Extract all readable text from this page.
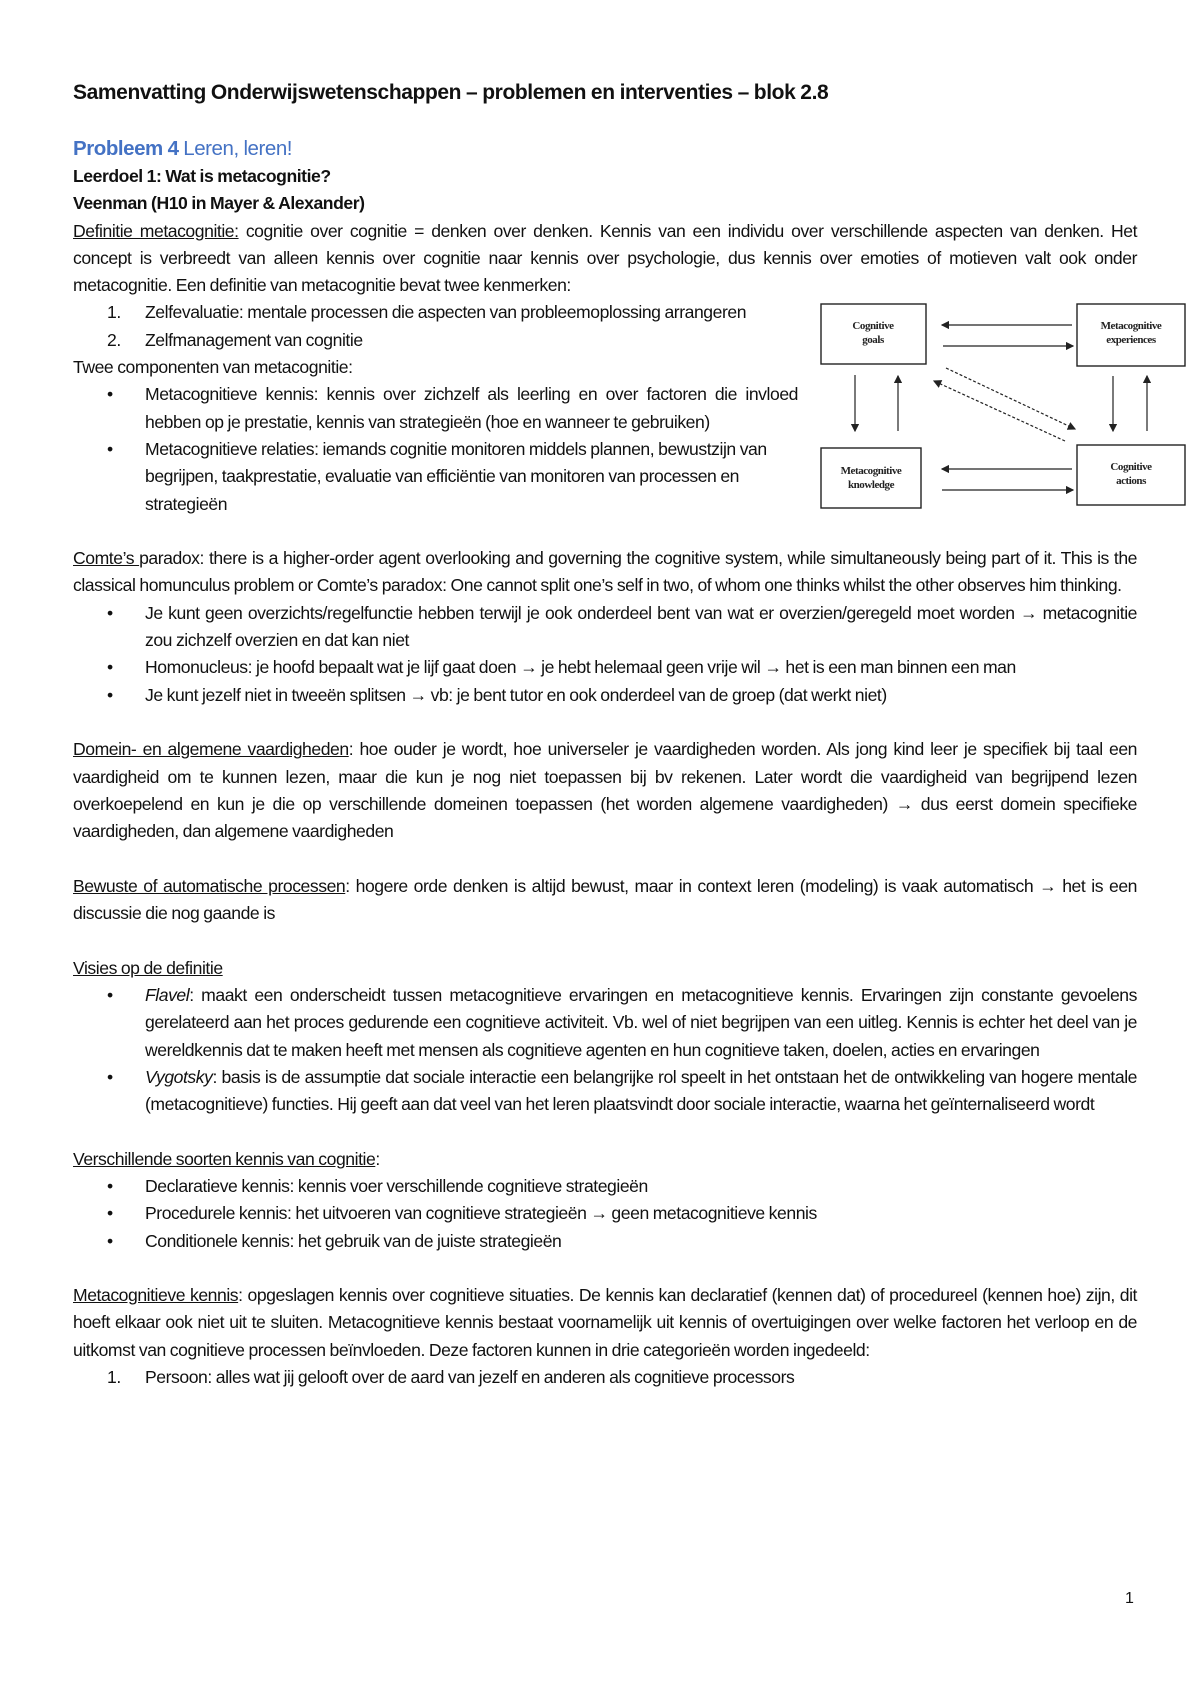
Samenvatting Onderwijswetenschappen – problemen en interventies – blok 2.8
Probleem 4 Leren, leren!
Leerdoel 1: Wat is metacognitie?
Veenman (H10 in Mayer & Alexander)

Definitie metacognitie: cognitie over cognitie = denken over denken. Kennis van een individu over verschillende aspecten van denken. Het concept is verbreedt van alleen kennis over cognitie naar kennis over psychologie, dus kennis over emoties of motieven valt ook onder metacognitie. Een definitie van metacognitie bevat twee kenmerken:

Cognitive
goals
Metacognitive
experiences
Metacognitive
knowledge
Cognitive
actions
1. Zelfevaluatie: mentale processen die aspecten van probleemoplossing arrangeren
2. Zelfmanagement van cognitie
Twee componenten van metacognitie:
• Metacognitieve kennis: kennis over zichzelf als leerling en over factoren die invloed hebben op je prestatie, kennis van strategieën (hoe en wanneer te gebruiken)
• Metacognitieve relaties: iemands cognitie monitoren middels plannen, bewustzijn van begrijpen, taakprestatie, evaluatie van efficiëntie van monitoren van processen en strategieën

Comte’s paradox: there is a higher-order agent overlooking and governing the cognitive system, while simultaneously being part of it. This is the classical homunculus problem or Comte’s paradox: One cannot split one’s self in two, of whom one thinks whilst the other observes him thinking.

• Je kunt geen overzichts/regelfunctie hebben terwijl je ook onderdeel bent van wat er overzien/geregeld moet worden → metacognitie zou zichzelf overzien en dat kan niet
• Homonucleus: je hoofd bepaalt wat je lijf gaat doen → je hebt helemaal geen vrije wil → het is een man binnen een man
• Je kunt jezelf niet in tweeën splitsen → vb: je bent tutor en ook onderdeel van de groep (dat werkt niet)

Domein- en algemene vaardigheden: hoe ouder je wordt, hoe universeler je vaardigheden worden. Als jong kind leer je specifiek bij taal een vaardigheid om te kunnen lezen, maar die kun je nog niet toepassen bij bv rekenen. Later wordt die vaardigheid van begrijpend lezen overkoepelend en kun je die op verschillende domeinen toepassen (het worden algemene vaardigheden) → dus eerst domein specifieke vaardigheden, dan algemene vaardigheden

Bewuste of automatische processen: hogere orde denken is altijd bewust, maar in context leren (modeling) is vaak automatisch → het is een discussie die nog gaande is

Visies op de definitie
• Flavel: maakt een onderscheidt tussen metacognitieve ervaringen en metacognitieve kennis. Ervaringen zijn constante gevoelens gerelateerd aan het proces gedurende een cognitieve activiteit. Vb. wel of niet begrijpen van een uitleg. Kennis is echter het deel van je wereldkennis dat te maken heeft met mensen als cognitieve agenten en hun cognitieve taken, doelen, acties en ervaringen
• Vygotsky: basis is de assumptie dat sociale interactie een belangrijke rol speelt in het ontstaan het de ontwikkeling van hogere mentale (metacognitieve) functies. Hij geeft aan dat veel van het leren plaatsvindt door sociale interactie, waarna het geïnternaliseerd wordt
Verschillende soorten kennis van cognitie:
• Declaratieve kennis: kennis voer verschillende cognitieve strategieën
• Procedurele kennis: het uitvoeren van cognitieve strategieën → geen metacognitieve kennis
• Conditionele kennis: het gebruik van de juiste strategieën

Metacognitieve kennis: opgeslagen kennis over cognitieve situaties. De kennis kan declaratief (kennen dat) of procedureel (kennen hoe) zijn, dit hoeft elkaar ook niet uit te sluiten. Metacognitieve kennis bestaat voornamelijk uit kennis of overtuigingen over welke factoren het verloop en de uitkomst van cognitieve processen beïnvloeden. Deze factoren kunnen in drie categorieën worden ingedeeld:

1. Persoon: alles wat jij gelooft over de aard van jezelf en anderen als cognitieve processors
1
